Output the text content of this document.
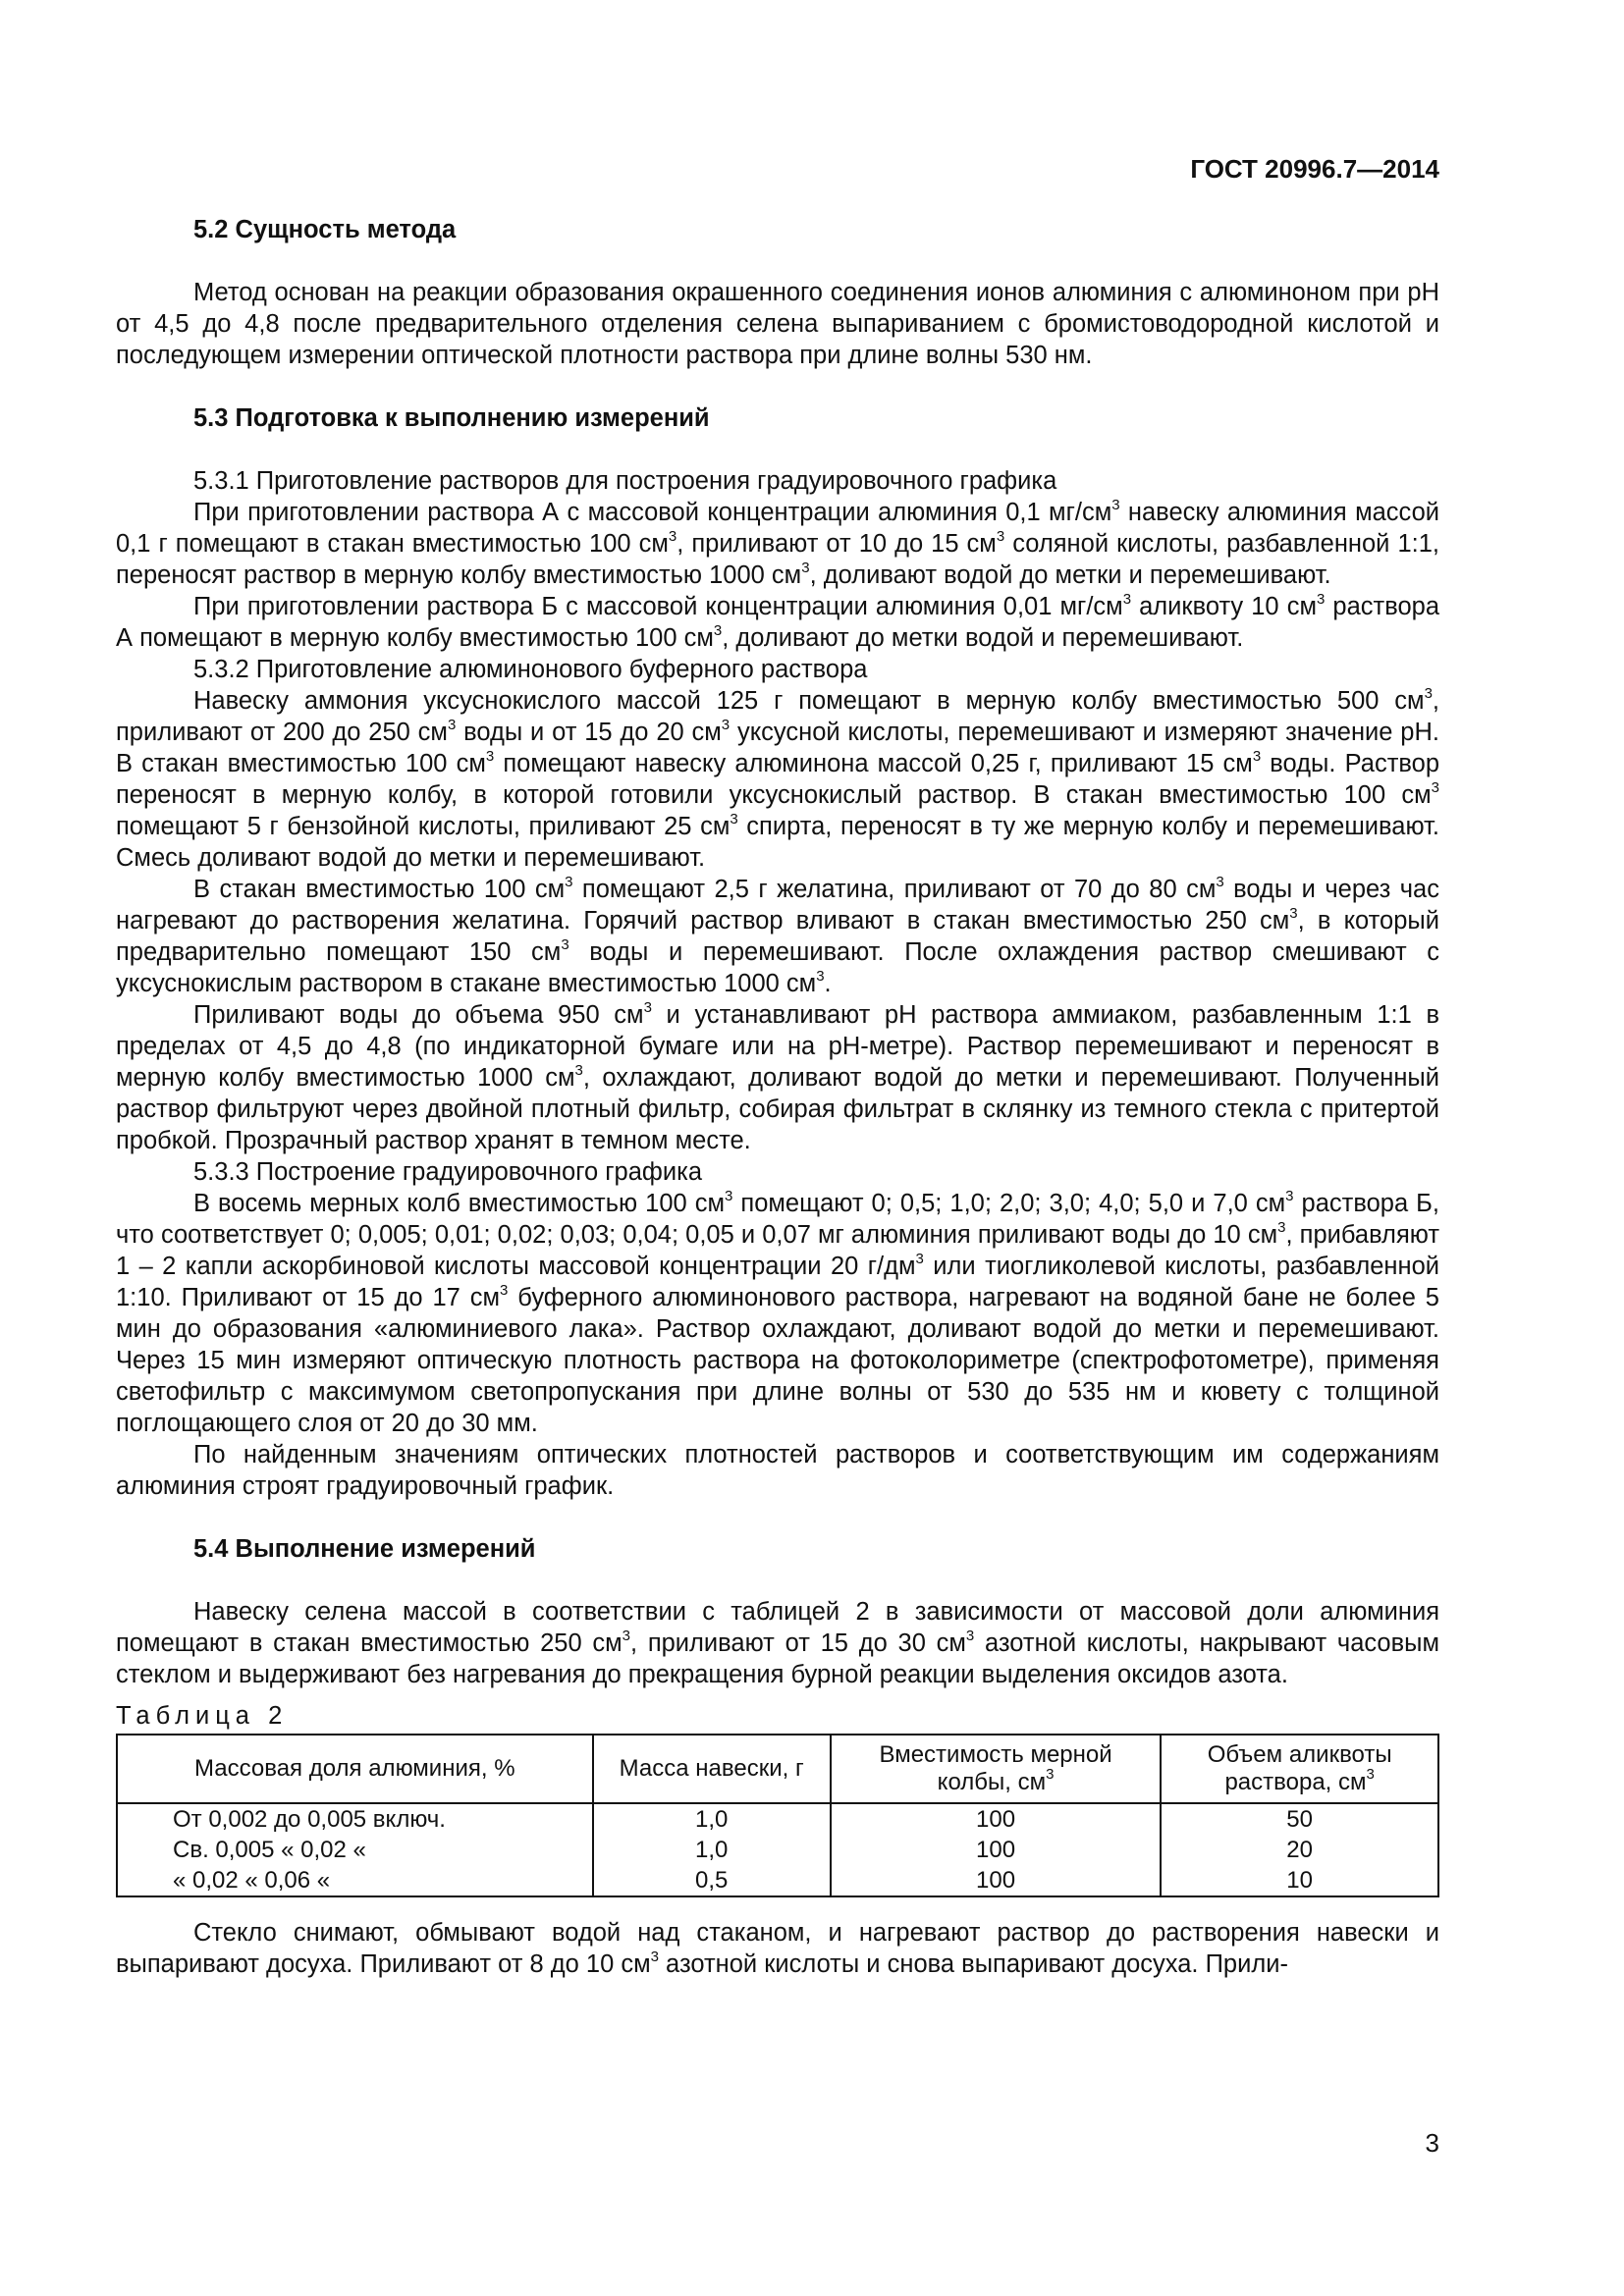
ГОСТ 20996.7—2014
5.2 Сущность метода

Метод основан на реакции образования окрашенного соединения ионов алюминия с алюминоном при рН от 4,5 до 4,8 после предварительного отделения селена выпариванием с бромистоводородной кислотой и последующем измерении оптической плотности раствора при длине волны 530 нм.

5.3 Подготовка к выполнению измерений

5.3.1 Приготовление растворов для построения градуировочного графика

При приготовлении раствора А с массовой концентрации алюминия 0,1 $мг/см^3$ навеску алюминия массой 0,1 г помещают в стакан вместимостью 100 $см^3$, приливают от 10 до 15 $см^3$ соляной кислоты, разбавленной 1:1, переносят раствор в мерную колбу вместимостью 1000 $см^3$, доливают водой до метки и перемешивают.

При приготовлении раствора Б с массовой концентрации алюминия 0,01 $мг/см^3$ аликвоту 10 $см^3$ раствора А помещают в мерную колбу вместимостью 100 $см^3$, доливают до метки водой и перемешивают.

5.3.2 Приготовление алюминонового буферного раствора

Навеску аммония уксуснокислого массой 125 г помещают в мерную колбу вместимостью 500 $см^3$, приливают от 200 до 250 $см^3$ воды и от 15 до 20 $см^3$ уксусной кислоты, перемешивают и измеряют значение рН. В стакан вместимостью 100 $см^3$ помещают навеску алюминона массой 0,25 г, приливают 15 $см^3$ воды. Раствор переносят в мерную колбу, в которой готовили уксуснокислый раствор. В стакан вместимостью 100 $см^3$ помещают 5 г бензойной кислоты, приливают 25 $см^3$ спирта, переносят в ту же мерную колбу и перемешивают. Смесь доливают водой до метки и перемешивают.

В стакан вместимостью 100 $см^3$ помещают 2,5 г желатина, приливают от 70 до 80 $см^3$ воды и через час нагревают до растворения желатина. Горячий раствор вливают в стакан вместимостью 250 $см^3$, в который предварительно помещают 150 $см^3$ воды и перемешивают. После охлаждения раствор смешивают с уксуснокислым раствором в стакане вместимостью 1000 $см^3$.

Приливают воды до объема 950 $см^3$ и устанавливают рН раствора аммиаком, разбавленным 1:1 в пределах от 4,5 до 4,8 (по индикаторной бумаге или на рН-метре). Раствор перемешивают и переносят в мерную колбу вместимостью 1000 $см^3$, охлаждают, доливают водой до метки и перемешивают. Полученный раствор фильтруют через двойной плотный фильтр, собирая фильтрат в склянку из темного стекла с притертой пробкой. Прозрачный раствор хранят в темном месте.

5.3.3 Построение градуировочного графика

В восемь мерных колб вместимостью 100 $см^3$ помещают 0; 0,5; 1,0; 2,0; 3,0; 4,0; 5,0 и 7,0 $см^3$ раствора Б, что соответствует 0; 0,005; 0,01; 0,02; 0,03; 0,04; 0,05 и 0,07 мг алюминия приливают воды до 10 $см^3$, прибавляют 1 – 2 капли аскорбиновой кислоты массовой концентрации 20 $г/дм^3$ или тиогликолевой кислоты, разбавленной 1:10. Приливают от 15 до 17 $см^3$ буферного алюминонового раствора, нагревают на водяной бане не более 5 мин до образования «алюминиевого лака». Раствор охлаждают, доливают водой до метки и перемешивают. Через 15 мин измеряют оптическую плотность раствора на фотоколориметре (спектрофотометре), применяя светофильтр с максимумом светопропускания при длине волны от 530 до 535 нм и кювету с толщиной поглощающего слоя от 20 до 30 мм.

По найденным значениям оптических плотностей растворов и соответствующим им содержаниям алюминия строят градуировочный график.

5.4 Выполнение измерений

Навеску селена массой в соответствии с таблицей 2 в зависимости от массовой доли алюминия помещают в стакан вместимостью 250 $см^3$, приливают от 15 до 30 $см^3$ азотной кислоты, накрывают часовым стеклом и выдерживают без нагревания до прекращения бурной реакции выделения оксидов азота.

Таблица 2

Массовая доля алюминия, %	Масса навески, г	Вместимость мерной колбы, $см^3$	Объем аликвоты раствора, $см^3$
От 0,002 до 0,005 включ.	1,0	100	50
Св. 0,005 « 0,02 «	1,0	100	20
« 0,02 « 0,06 «	0,5	100	10

Стекло снимают, обмывают водой над стаканом, и нагревают раствор до растворения навески и выпаривают досуха. Приливают от 8 до 10 $см^3$ азотной кислоты и снова выпаривают досуха. Прили-

3
